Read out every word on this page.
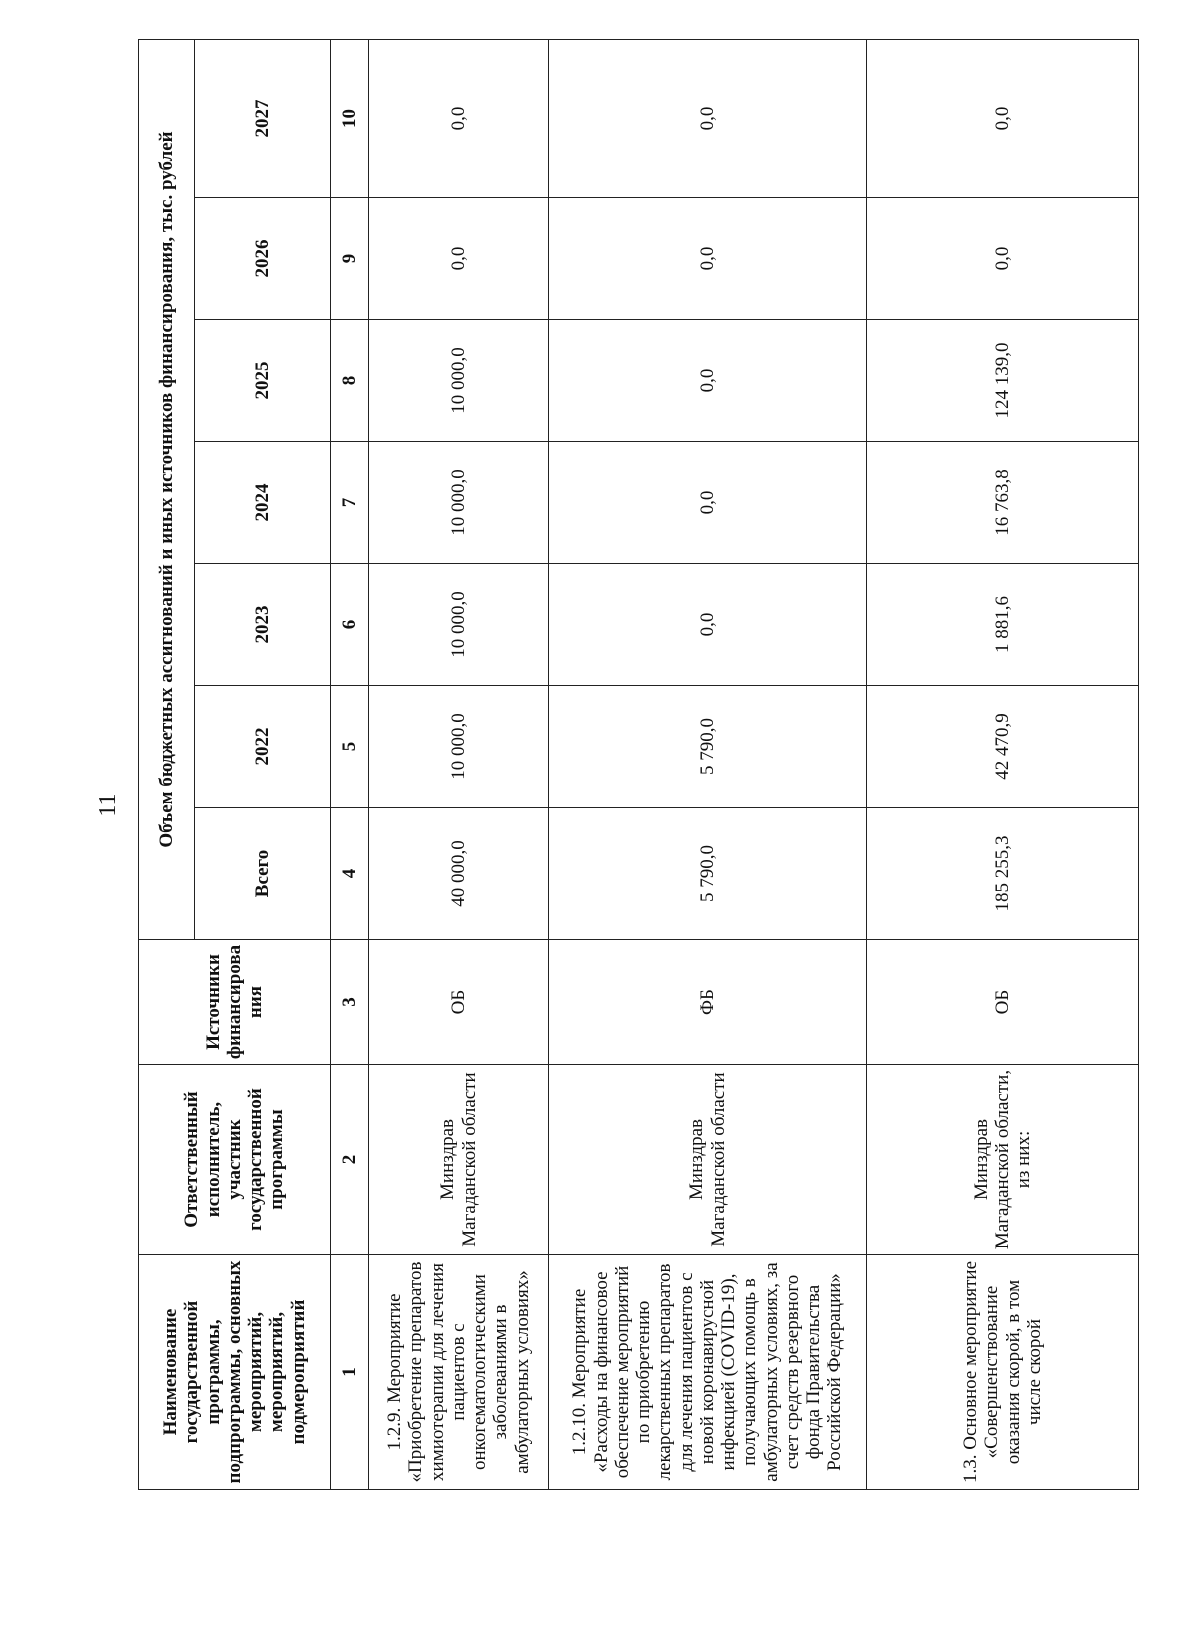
11
Наименование государственной программы, подпрограммы, основных мероприятий, мероприятий, подмероприятий	Ответственный исполнитель, участник государственной программы	Источники финансирова ния	Объем бюджетных ассигнований и иных источников финансирования, тыс. рублей						
			Всего	2022	2023	2024	2025	2026	2027
1	2	3	4	5	6	7	8	9	10
1.2.9. Мероприятие «Приобретение препаратов химиотерапии для лечения пациентов с онкогематологическими заболеваниями в амбулаторных условиях»	Минздрав Магаданской области	ОБ	40 000,0	10 000,0	10 000,0	10 000,0	10 000,0	0,0	0,0
1.2.10. Мероприятие «Расходы на финансовое обеспечение мероприятий по приобретению лекарственных препаратов для лечения пациентов с новой коронавирусной инфекцией (COVID-19), получающих помощь в амбулаторных условиях, за счет средств резервного фонда Правительства Российской Федерации»	Минздрав Магаданской области	ФБ	5 790,0	5 790,0	0,0	0,0	0,0	0,0	0,0
1.3. Основное мероприятие «Совершенствование оказания скорой, в том числе скорой	Минздрав Магаданской области, из них:	ОБ	185 255,3	42 470,9	1 881,6	16 763,8	124 139,0	0,0	0,0
